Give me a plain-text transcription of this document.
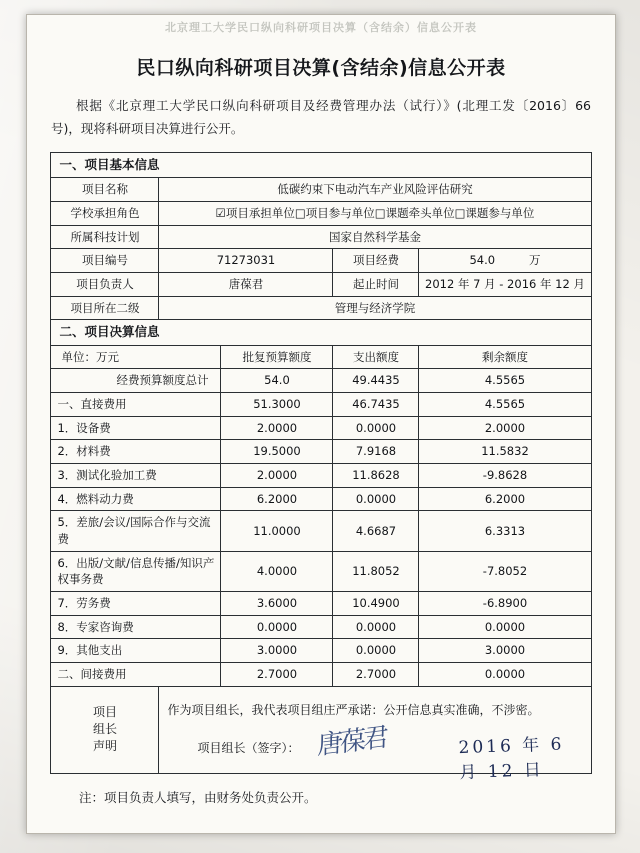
北京理工大学民口纵向科研项目决算（含结余）信息公开表
民口纵向科研项目决算(含结余)信息公开表
根据《北京理工大学民口纵向科研项目及经费管理办法（试行）》(北理工发〔2016〕66 号)，现将科研项目决算进行公开。
一、项目基本信息				
项目名称	低碳约束下电动汽车产业风险评估研究			
学校承担角色	☑项目承担单位□项目参与单位□课题牵头单位□课题参与单位			
所属科技计划	国家自然科学基金			
项目编号	71273031		项目经费	54.0 万
项目负责人	唐葆君		起止时间	2012 年 7 月 - 2016 年 12 月
项目所在二级	管理与经济学院			
二、项目决算信息				
单位：万元		批复预算额度	支出额度	剩余额度
经费预算额度总计		54.0	49.4435	4.5565
一、直接费用		51.3000	46.7435	4.5565
1．设备费		2.0000	0.0000	2.0000
2．材料费		19.5000	7.9168	11.5832
3．测试化验加工费		2.0000	11.8628	-9.8628
4．燃料动力费		6.2000	0.0000	6.2000
5．差旅/会议/国际合作与交流费		11.0000	4.6687	6.3313
6．出版/文献/信息传播/知识产权事务费		4.0000	11.8052	-7.8052
7．劳务费		3.6000	10.4900	-6.8900
8．专家咨询费		0.0000	0.0000	0.0000
9．其他支出		3.0000	0.0000	3.0000
二、间接费用		2.7000	2.7000	0.0000

项目
组长
声明

作为项目组长，我代表项目组庄严承诺：公开信息真实准确，不涉密。
项目组长（签字）： 唐葆君	2016 年 6 月 12 日
注：项目负责人填写，由财务处负责公开。
